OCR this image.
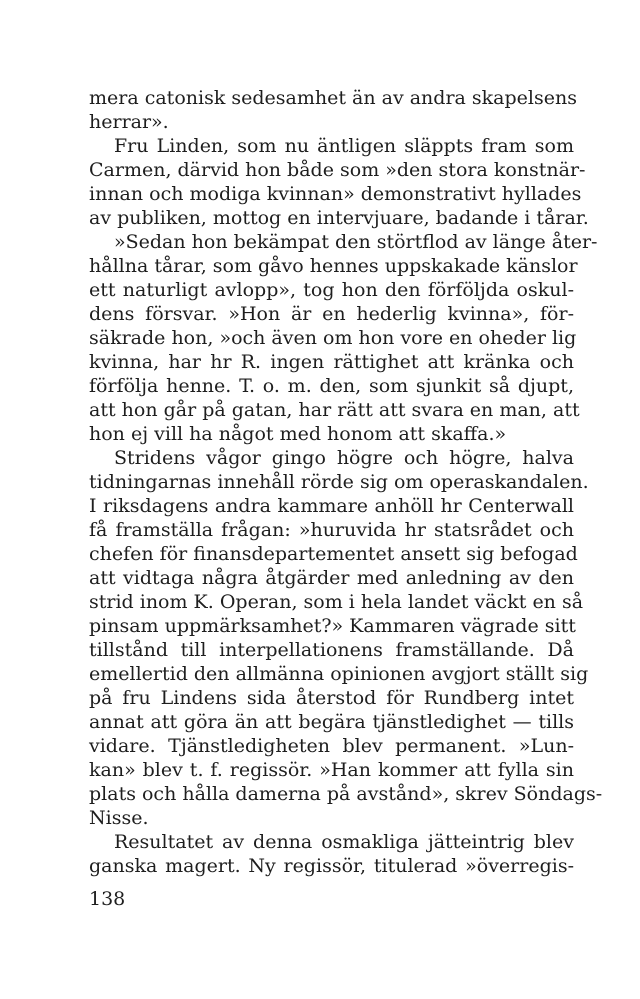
mera catonisk sedesamhet än av andra skapelsens
herrar».
Fru Linden, som nu äntligen släppts fram som
Carmen, därvid hon både som »den stora konstnär-
innan och modiga kvinnan» demonstrativt hyllades
av publiken, mottog en intervjuare, badande i tårar.
»Sedan hon bekämpat den störtflod av länge åter-
hållna tårar, som gåvo hennes uppskakade känslor
ett naturligt avlopp», tog hon den förföljda oskul-
dens försvar. »Hon är en hederlig kvinna», för-
säkrade hon, »och även om hon vore en oheder lig
kvinna, har hr R. ingen rättighet att kränka och
förfölja henne. T. o. m. den, som sjunkit så djupt,
att hon går på gatan, har rätt att svara en man, att
hon ej vill ha något med honom att skaffa.»
Stridens vågor gingo högre och högre, halva
tidningarnas innehåll rörde sig om operaskandalen.
I riksdagens andra kammare anhöll hr Centerwall
få framställa frågan: »huruvida hr statsrådet och
chefen för finansdepartementet ansett sig befogad
att vidtaga några åtgärder med anledning av den
strid inom K. Operan, som i hela landet väckt en så
pinsam uppmärksamhet?» Kammaren vägrade sitt
tillstånd till interpellationens framställande. Då
emellertid den allmänna opinionen avgjort ställt sig
på fru Lindens sida återstod för Rundberg intet
annat att göra än att begära tjänstledighet — tills
vidare. Tjänstledigheten blev permanent. »Lun-
kan» blev t. f. regissör. »Han kommer att fylla sin
plats och hålla damerna på avstånd», skrev Söndags-
Nisse.
Resultatet av denna osmakliga jätteintrig blev
ganska magert. Ny regissör, titulerad »överregis-
138
